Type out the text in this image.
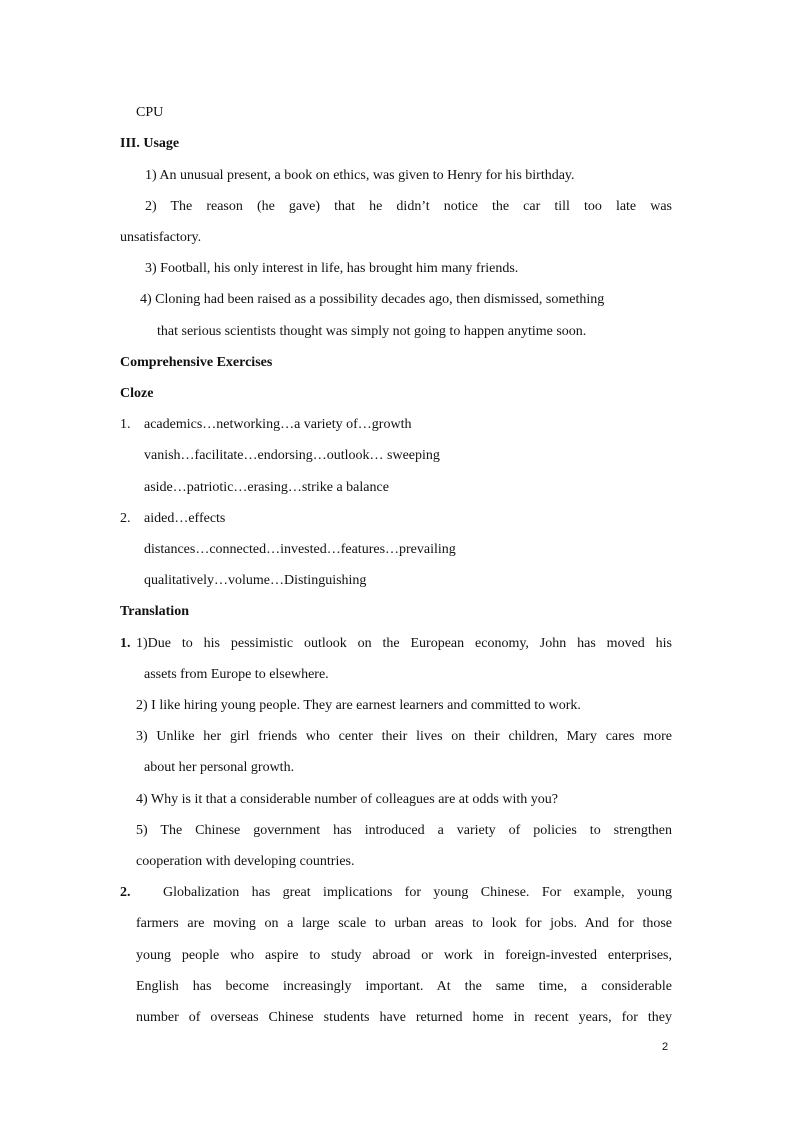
CPU
III. Usage
1) An unusual present, a book on ethics, was given to Henry for his birthday.
2) The reason (he gave) that he didn’t notice the car till too late was
unsatisfactory.
3) Football, his only interest in life, has brought him many friends.
4) Cloning had been raised as a possibility decades ago, then dismissed, something
that serious scientists thought was simply not going to happen anytime soon.
Comprehensive Exercises
Cloze
1. academics…networking…a variety of…growth
vanish…facilitate…endorsing…outlook… sweeping
aside…patriotic…erasing…strike a balance
2. aided…effects
distances…connected…invested…features…prevailing
qualitatively…volume…Distinguishing
Translation
1. 1)Due to his pessimistic outlook on the European economy, John has moved his
assets from Europe to elsewhere.
2) I like hiring young people. They are earnest learners and committed to work.
3) Unlike her girl friends who center their lives on their children, Mary cares more
about her personal growth.
4) Why is it that a considerable number of colleagues are at odds with you?
5) The Chinese government has introduced a variety of policies to strengthen
cooperation with developing countries.
2. Globalization has great implications for young Chinese. For example, young
farmers are moving on a large scale to urban areas to look for jobs. And for those
young people who aspire to study abroad or work in foreign-invested enterprises,
English has become increasingly important. At the same time, a considerable
number of overseas Chinese students have returned home in recent years, for they
2
